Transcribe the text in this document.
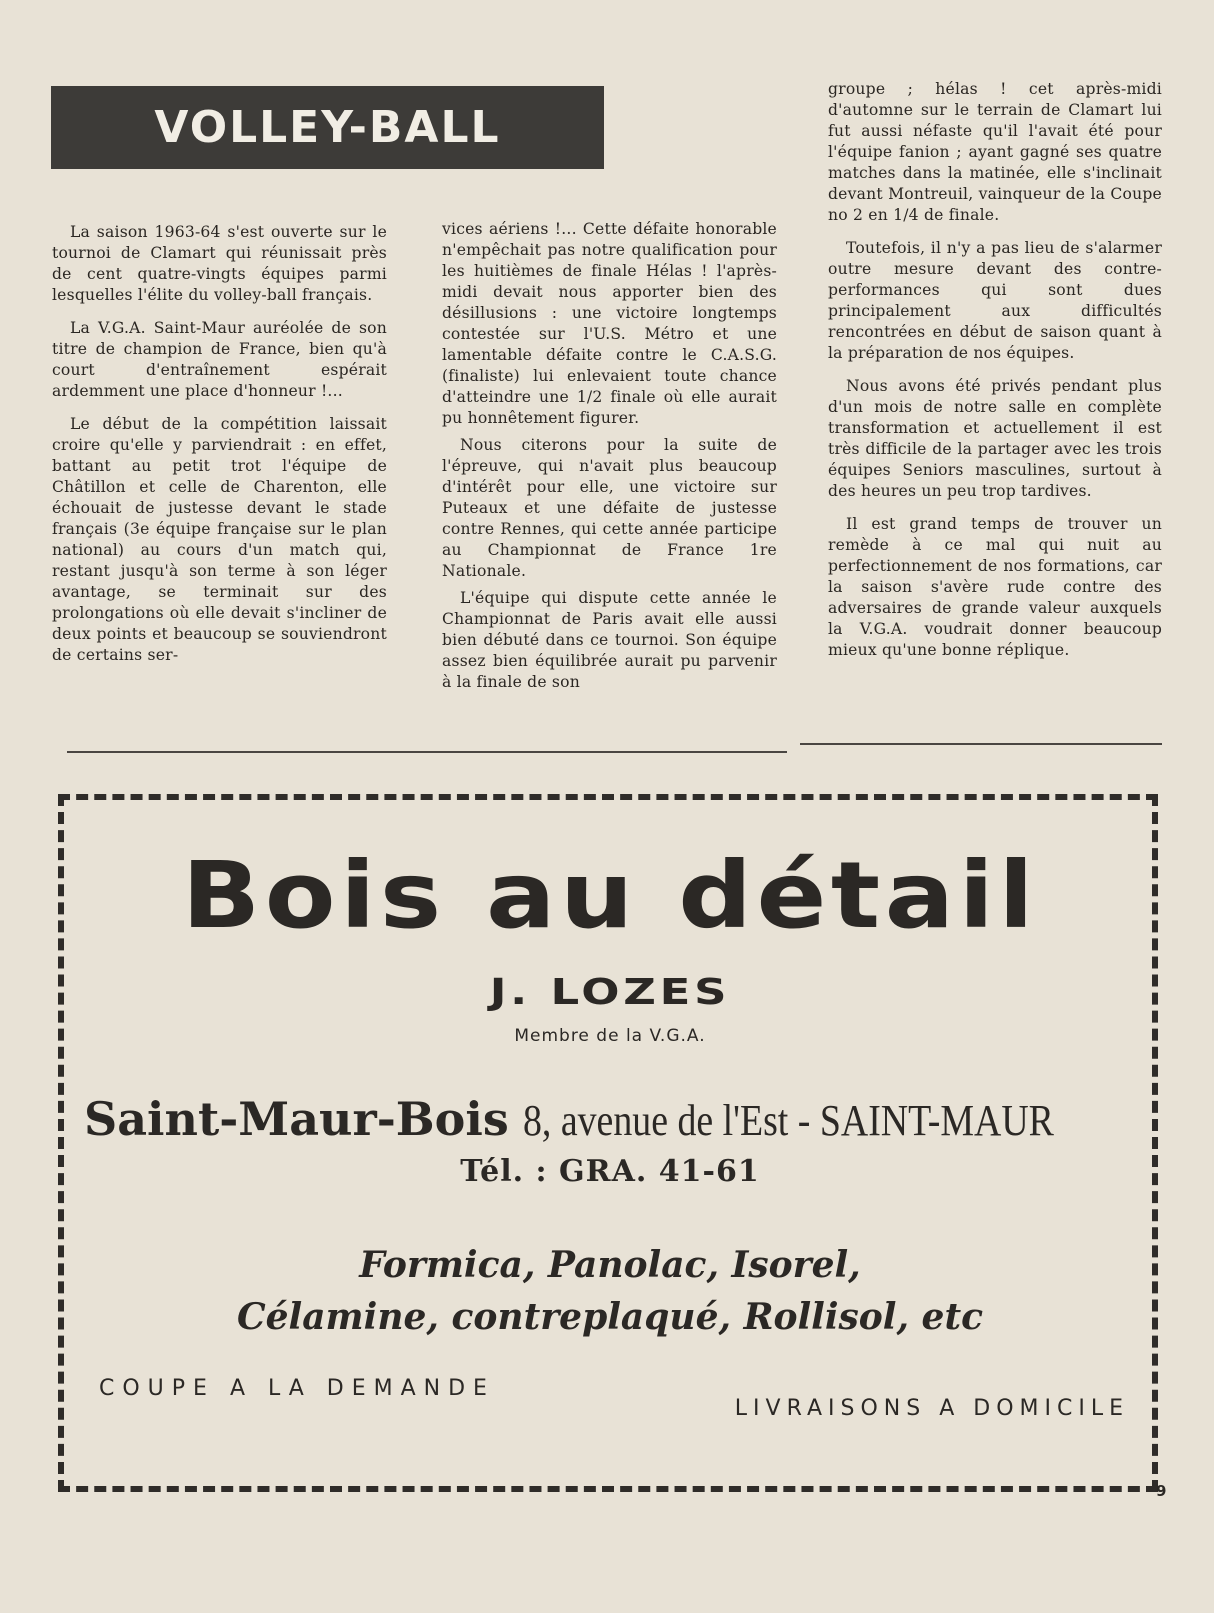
VOLLEY-BALL

La saison 1963-64 s'est ouverte sur le tournoi de Clamart qui réunissait près de cent quatre-vingts équipes parmi lesquelles l'élite du volley-ball français.

La V.G.A. Saint-Maur auréolée de son titre de champion de France, bien qu'à court d'entraînement espérait ardemment une place d'honneur !...

Le début de la compétition laissait croire qu'elle y parviendrait : en effet, battant au petit trot l'équipe de Châtillon et celle de Charenton, elle échouait de justesse devant le stade français (3e équipe française sur le plan national) au cours d'un match qui, restant jusqu'à son terme à son léger avantage, se terminait sur des prolongations où elle devait s'incliner de deux points et beaucoup se souviendront de certains ser-

vices aériens !... Cette défaite honorable n'empêchait pas notre qualification pour les huitièmes de finale Hélas ! l'après-midi devait nous apporter bien des désillusions : une victoire longtemps contestée sur l'U.S. Métro et une lamentable défaite contre le C.A.S.G. (finaliste) lui enlevaient toute chance d'atteindre une 1/2 finale où elle aurait pu honnêtement figurer.

Nous citerons pour la suite de l'épreuve, qui n'avait plus beaucoup d'intérêt pour elle, une victoire sur Puteaux et une défaite de justesse contre Rennes, qui cette année participe au Championnat de France 1re Nationale.

L'équipe qui dispute cette année le Championnat de Paris avait elle aussi bien débuté dans ce tournoi. Son équipe assez bien équilibrée aurait pu parvenir à la finale de son

groupe ; hélas ! cet après-midi d'automne sur le terrain de Clamart lui fut aussi néfaste qu'il l'avait été pour l'équipe fanion ; ayant gagné ses quatre matches dans la matinée, elle s'inclinait devant Montreuil, vainqueur de la Coupe no 2 en 1/4 de finale.

Toutefois, il n'y a pas lieu de s'alarmer outre mesure devant des contre-performances qui sont dues principalement aux difficultés rencontrées en début de saison quant à la préparation de nos équipes.

Nous avons été privés pendant plus d'un mois de notre salle en complète transformation et actuellement il est très difficile de la partager avec les trois équipes Seniors masculines, surtout à des heures un peu trop tardives.

Il est grand temps de trouver un remède à ce mal qui nuit au perfectionnement de nos formations, car la saison s'avère rude contre des adversaires de grande valeur auxquels la V.G.A. voudrait donner beaucoup mieux qu'une bonne réplique.

Bois au détail
J. LOZES
Membre de la V.G.A.
Saint-Maur-Bois 8, avenue de l'Est - SAINT-MAUR
Tél. : GRA. 41-61
Formica, Panolac, Isorel,
Célamine, contreplaqué, Rollisol, etc
COUPE A LA DEMANDE
LIVRAISONS A DOMICILE
9
